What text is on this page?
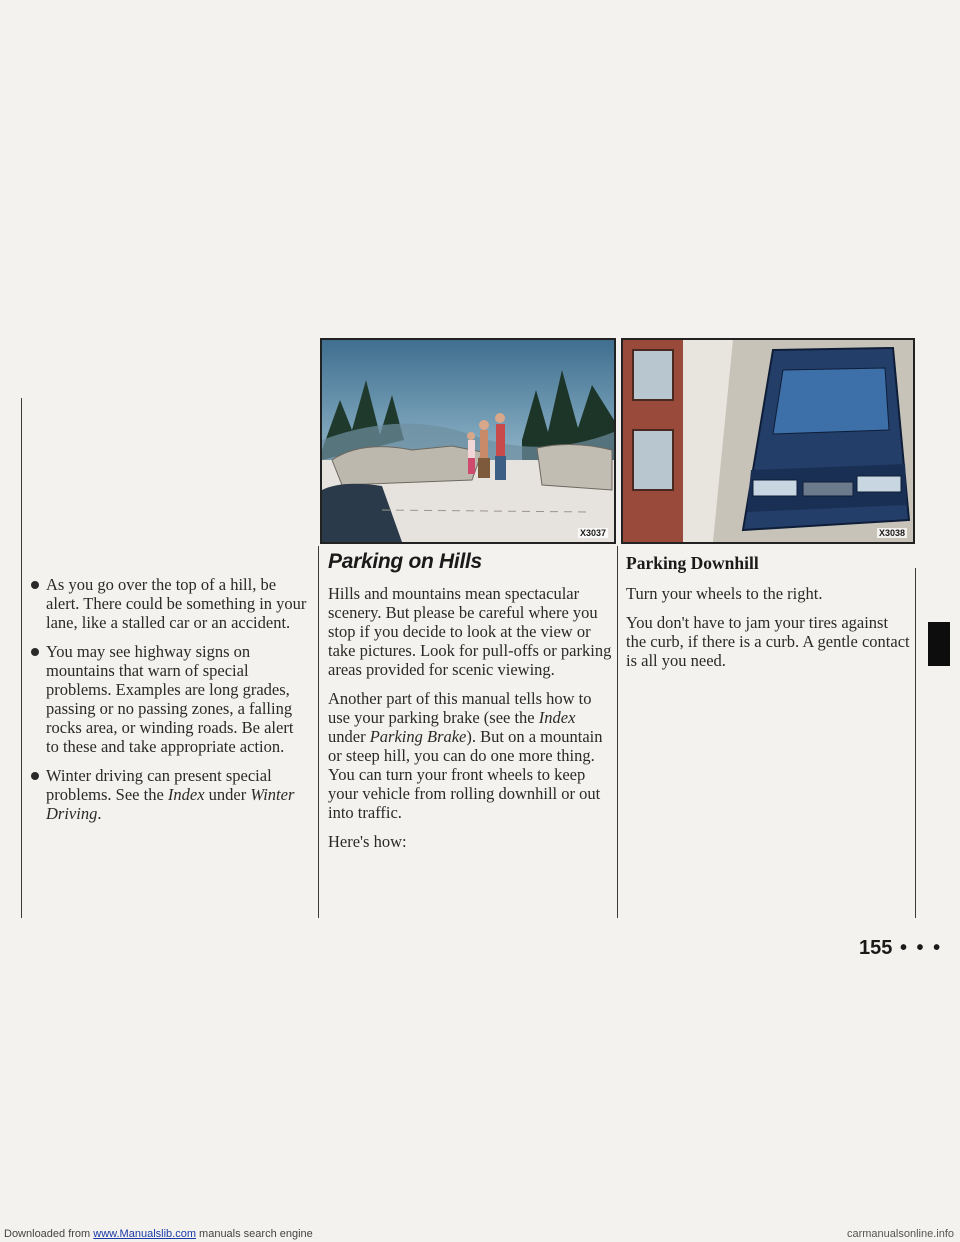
X3037	X3038
As you go over the top of a hill, be alert. There could be something in your lane, like a stalled car or an accident.
You may see highway signs on mountains that warn of special problems. Examples are long grades, passing or no passing zones, a falling rocks area, or winding roads. Be alert to these and take appropriate action.
Winter driving can present special problems. See the Index under Winter Driving.
Parking on Hills

Hills and mountains mean spectacular scenery. But please be careful where you stop if you decide to look at the view or take pictures. Look for pull-offs or parking areas provided for scenic viewing.

Another part of this manual tells how to use your parking brake (see the Index under Parking Brake). But on a mountain or steep hill, you can do one more thing. You can turn your front wheels to keep your vehicle from rolling downhill or out into traffic.

Here's how:

Parking Downhill

Turn your wheels to the right.

You don't have to jam your tires against the curb, if there is a curb. A gentle contact is all you need.

155 • • •
Downloaded from www.Manualslib.com manuals search engine	carmanualsonline.info
